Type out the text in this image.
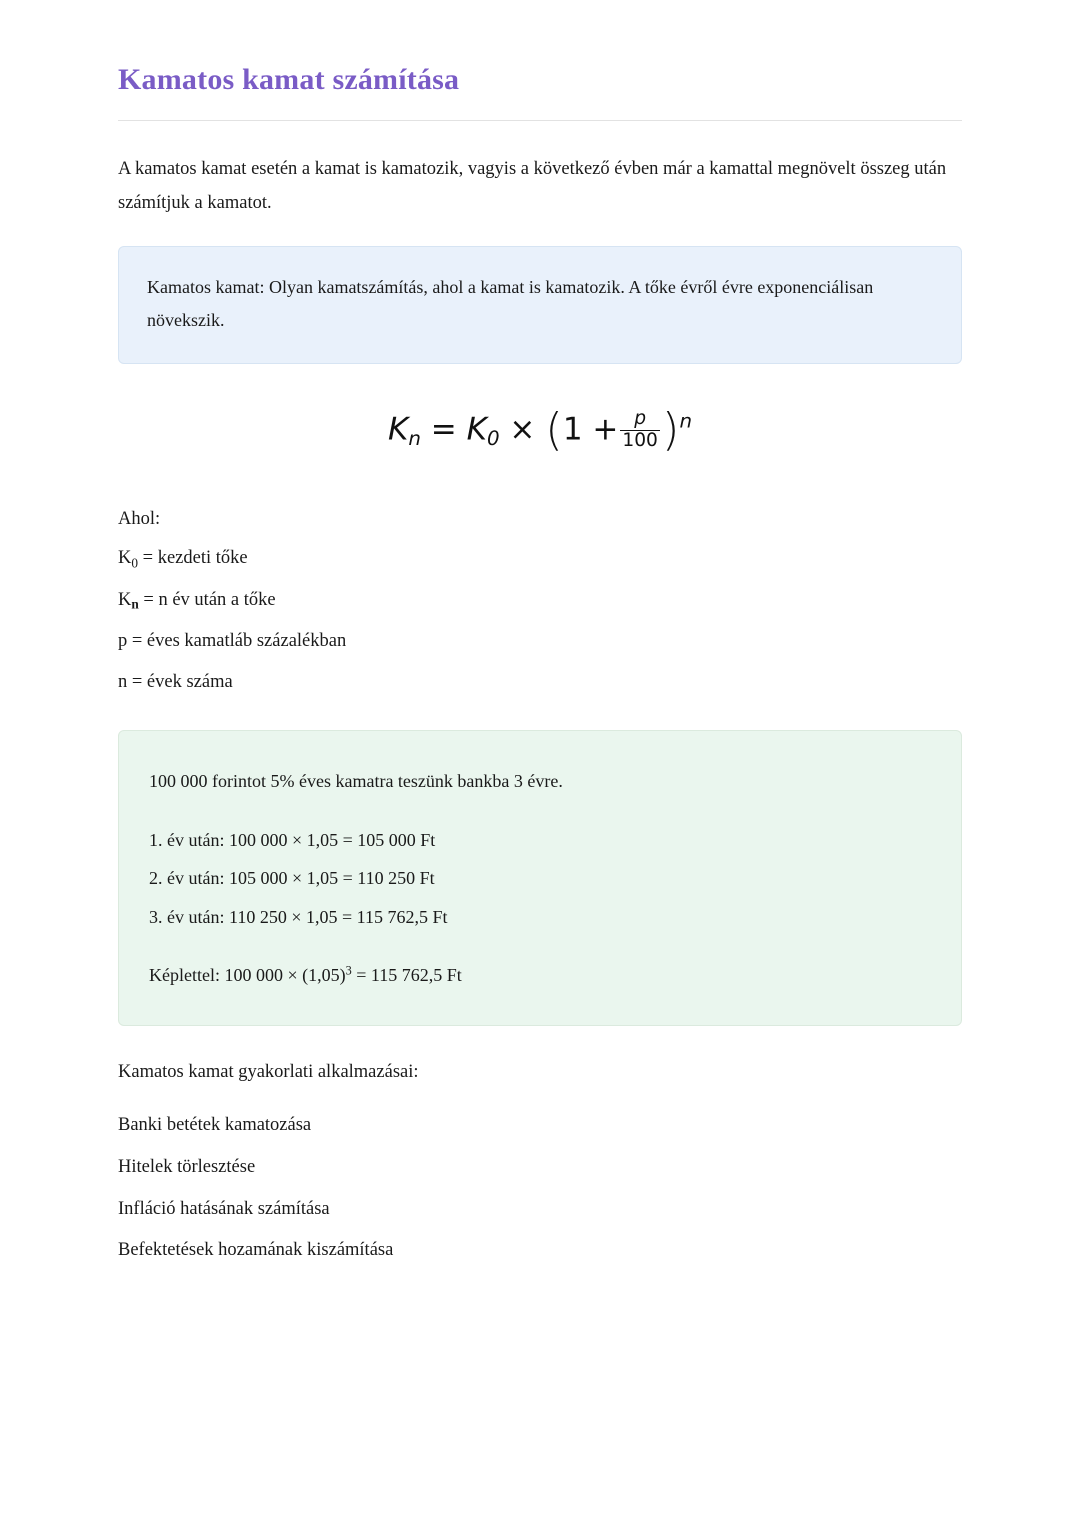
Kamatos kamat számítása

A kamatos kamat esetén a kamat is kamatozik, vagyis a következő évben már a kamattal megnövelt összeg után számítjuk a kamatot.

Kamatos kamat: Olyan kamatszámítás, ahol a kamat is kamatozik. A tőke évről évre exponenciálisan növekszik.

$K_n = K_0 \times (1 + \frac{p}{100} )^n$

Ahol:

$K_0 = kezdeti$ tőke

Kn = n év után a tőke

p = éves kamatláb százalékban

n = évek száma

100 000 forintot 5% éves kamatra teszünk bankba 3 évre.

1. év után: 100 000 × 1,05 = 105 000 Ft

2. év után: 105 000 × 1,05 = 110 250 Ft

3. év után: 110 250 × 1,05 = 115 762,5 Ft

Képlettel: 100 $000 \times (1,05)^3 = 115$ 762,5 Ft

Kamatos kamat gyakorlati alkalmazásai:

Banki betétek kamatozása

Hitelek törlesztése

Infláció hatásának számítása

Befektetések hozamának kiszámítása
